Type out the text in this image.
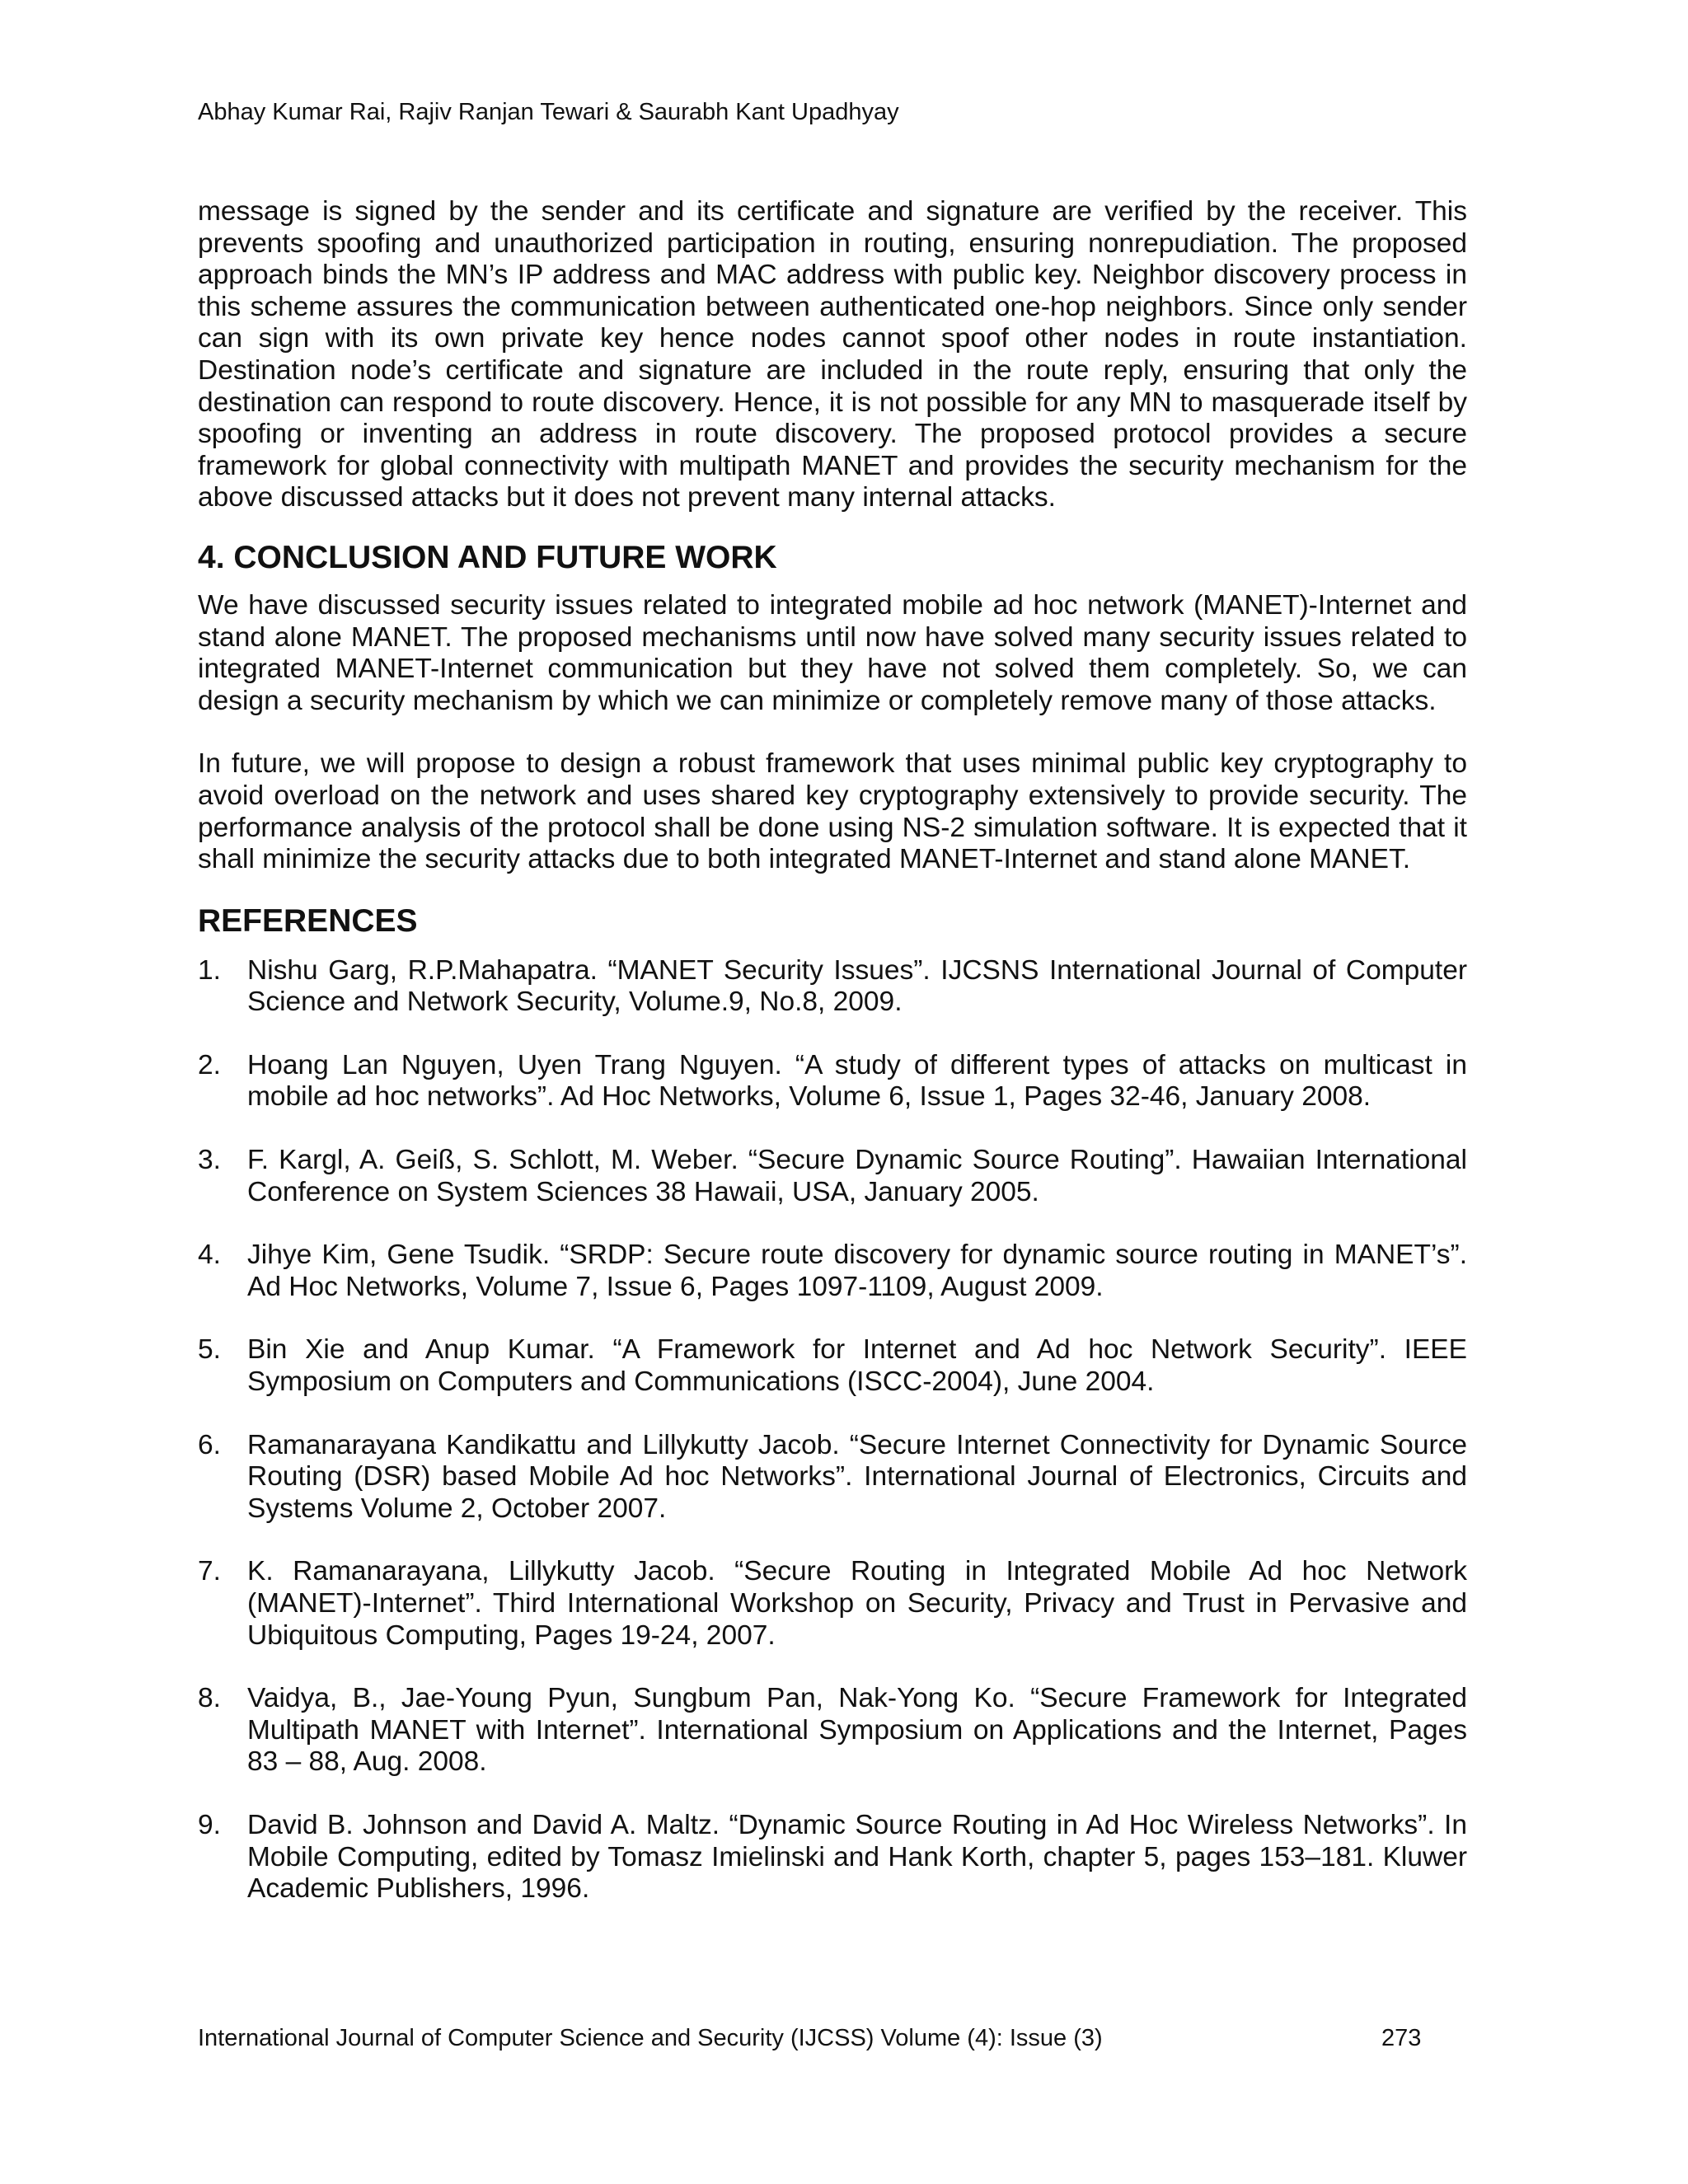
Abhay Kumar Rai, Rajiv Ranjan Tewari & Saurabh Kant Upadhyay

message is signed by the sender and its certificate and signature are verified by the receiver. This prevents spoofing and unauthorized participation in routing, ensuring nonrepudiation. The proposed approach binds the MN’s IP address and MAC address with public key. Neighbor discovery process in this scheme assures the communication between authenticated one-hop neighbors. Since only sender can sign with its own private key hence nodes cannot spoof other nodes in route instantiation. Destination node’s certificate and signature are included in the route reply, ensuring that only the destination can respond to route discovery. Hence, it is not possible for any MN to masquerade itself by spoofing or inventing an address in route discovery. The proposed protocol provides a secure framework for global connectivity with multipath MANET and provides the security mechanism for the above discussed attacks but it does not prevent many internal attacks.

4. CONCLUSION AND FUTURE WORK

We have discussed security issues related to integrated mobile ad hoc network (MANET)-Internet and stand alone MANET. The proposed mechanisms until now have solved many security issues related to integrated MANET-Internet communication but they have not solved them completely. So, we can design a security mechanism by which we can minimize or completely remove many of those attacks.

In future, we will propose to design a robust framework that uses minimal public key cryptography to avoid overload on the network and uses shared key cryptography extensively to provide security. The performance analysis of the protocol shall be done using NS-2 simulation software. It is expected that it shall minimize the security attacks due to both integrated MANET-Internet and stand alone MANET.

REFERENCES
1. Nishu Garg, R.P.Mahapatra. “MANET Security Issues”. IJCSNS International Journal of Computer Science and Network Security, Volume.9, No.8, 2009.
2. Hoang Lan Nguyen, Uyen Trang Nguyen. “A study of different types of attacks on multicast in mobile ad hoc networks”. Ad Hoc Networks, Volume 6, Issue 1, Pages 32-46, January 2008.
3. F. Kargl, A. Geiß, S. Schlott, M. Weber. “Secure Dynamic Source Routing”. Hawaiian International Conference on System Sciences 38 Hawaii, USA, January 2005.
4. Jihye Kim, Gene Tsudik. “SRDP: Secure route discovery for dynamic source routing in MANET’s”. Ad Hoc Networks, Volume 7, Issue 6, Pages 1097-1109, August 2009.
5. Bin Xie and Anup Kumar. “A Framework for Internet and Ad hoc Network Security”. IEEE Symposium on Computers and Communications (ISCC-2004), June 2004.
6. Ramanarayana Kandikattu and Lillykutty Jacob. “Secure Internet Connectivity for Dynamic Source Routing (DSR) based Mobile Ad hoc Networks”. International Journal of Electronics, Circuits and Systems Volume 2, October 2007.
7. K. Ramanarayana, Lillykutty Jacob. “Secure Routing in Integrated Mobile Ad hoc Network (MANET)-Internet”. Third International Workshop on Security, Privacy and Trust in Pervasive and Ubiquitous Computing, Pages 19-24, 2007.
8. Vaidya, B., Jae-Young Pyun, Sungbum Pan, Nak-Yong Ko. “Secure Framework for Integrated Multipath MANET with Internet”. International Symposium on Applications and the Internet, Pages 83 – 88, Aug. 2008.
9. David B. Johnson and David A. Maltz. “Dynamic Source Routing in Ad Hoc Wireless Networks”. In Mobile Computing, edited by Tomasz Imielinski and Hank Korth, chapter 5, pages 153–181. Kluwer Academic Publishers, 1996.
International Journal of Computer Science and Security (IJCSS) Volume (4): Issue (3)	273
